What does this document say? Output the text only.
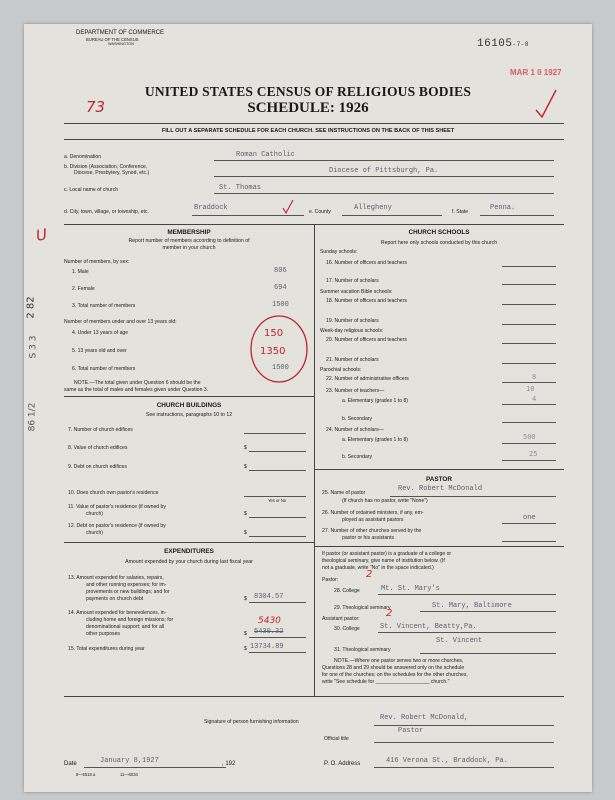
DEPARTMENT OF COMMERCE
BUREAU OF THE CENSUS
WASHINGTON	16105-7-8
MAR 1 0 1927
73
UNITED STATES CENSUS OF RELIGIOUS BODIES
SCHEDULE: 1926
FILL OUT A SEPARATE SCHEDULE FOR EACH CHURCH. SEE INSTRUCTIONS ON THE BACK OF THIS SHEET
a. Denomination	Roman Catholic
b. Division (Association, Conference,
Diocese, Presbytery, Synod, etc.)	Diocese of Pittsburgh, Pa.
c. Local name of church	St. Thomas
d. City, town, village, or township, etc.	Braddock	e. County	Allegheny	f. State	Penna.
U
2 82
S 3 3
86 1/2
MEMBERSHIP
Report number of members according to definition of
member in your church
Number of members, by sex:
1. Male	806
2. Female	694
3. Total number of members	1500
Number of members under and over 13 years old:
4. Under 13 years of age	150
5. 13 years old and over	1350
6. Total number of members	1500
NOTE.—The total given under Question 6 should be the
same as the total of males and females given under Question 3.
CHURCH BUILDINGS
See instructions, paragraphs 10 to 12
7. Number of church edifices
8. Value of church edifices	$
9. Debt on church edifices	$
10. Does church own pastor's residence
Yes or No
11. Value of pastor's residence (if owned by
church)	$
12. Debt on pastor's residence (if owned by
church)	$
EXPENDITURES
Amount expended by your church during last fiscal year
13. Amount expended for salaries, repairs,
and other running expenses; for im-
provements or new buildings; and for
payments on church debt	$ 8304.57
14. Amount expended for benevolences, in-
cluding home and foreign missions; for
denominational support; and for all
other purposes	$
5430
5430.32
15. Total expenditures during year	$ 13734.89
CHURCH SCHOOLS
Report here only schools conducted by this church
Sunday schools:
16. Number of officers and teachers
17. Number of scholars
Summer vacation Bible schools:
18. Number of officers and teachers
19. Number of scholars
Week-day religious schools:
20. Number of officers and teachers
21. Number of scholars
Parochial schools:
22. Number of administrative officers	8
23. Number of teachers—	10
a. Elementary (grades 1 to 8)	4
b. Secondary
24. Number of scholars—
a. Elementary (grades 1 to 8)	500
b. Secondary	25
PASTOR
25. Name of pastor	Rev. Robert McDonald
(If church has no pastor, write "None")
26. Number of ordained ministers, if any, em-
ployed as assistant pastors	one
27. Number of other churches served by the
pastor or his assistants
If pastor (or assistant pastor) is a graduate of a college or
theological seminary, give name of institution below. (If
not a graduate, write "No" in the space indicated.)
Pastor:	2
28. College	Mt. St. Mary's
29. Theological seminary	St. Mary, Baltimore
Assistant pastor:	2
30. College	St. Vincent, Beatty,Pa.
31. Theological seminary
St. Vincent
NOTE.—Where one pastor serves two or more churches,
Questions 28 and 29 should be answered only on the schedule
for one of the churches; on the schedules for the other churches,
write "See schedule for ___________________ church."
Signature of person furnishing information	Rev. Robert McDonald,
Official title
Pastor
Date	January 8,1927	, 192	P. O. Address	416 Verona St., Braddock, Pa.
8—5518 a	11—6034
